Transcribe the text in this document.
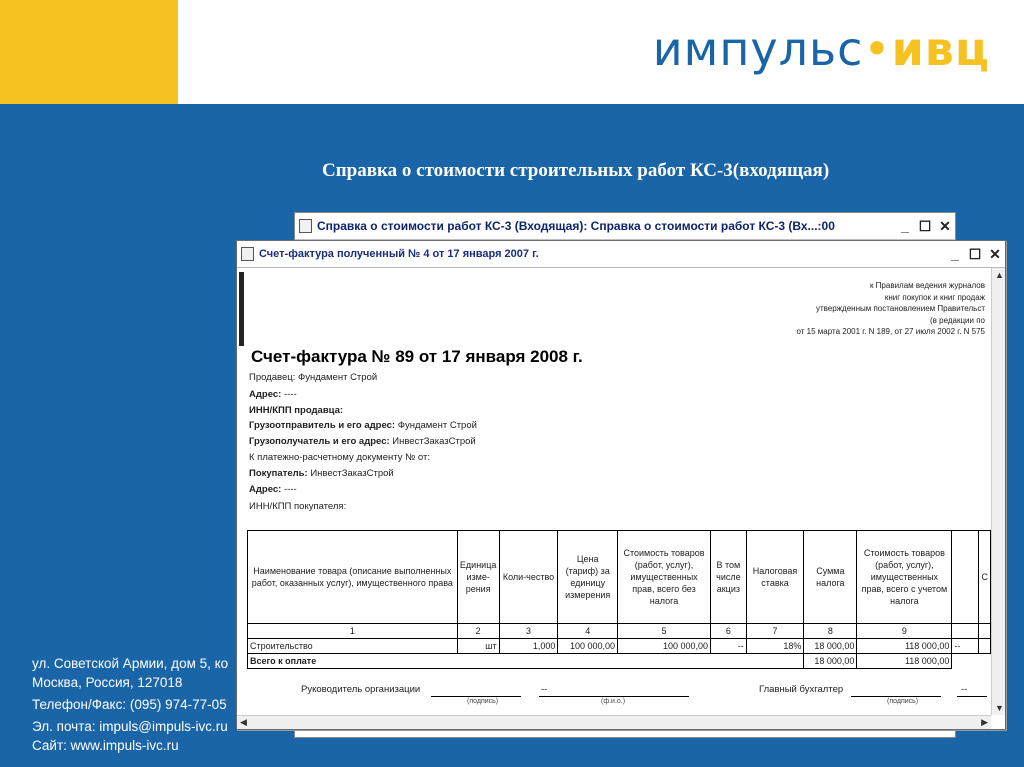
импульс•ивц
Справка о стоимости строительных работ КС-3(входящая)
ул. Советской Армии, дом 5, ко
Москва, Россия, 127018
Телефон/Факс: (095) 974-77-05
Эл. почта: impuls@impuls-ivc.ru
Сайт: www.impuls-ivc.ru
Справка о стоимости работ КС-3 (Входящая): Справка о стоимости работ КС-3 (Вх...:00	_ ☐ ✕
Счет-фактура полученный № 4 от 17 января 2007 г.	_ ☐ ✕
к Правилам ведения журналов
книг покупок и книг продаж
утвержденным постановлением Правительст
(в редакции по
от 15 марта 2001 г. N 189, от 27 июля 2002 г. N 575
Счет-фактура № 89 от 17 января 2008 г.
Продавец: Фундамент Строй
Адрес: ----
ИНН/КПП продавца:
Грузоотправитель и его адрес: Фундамент Строй
Грузополучатель и его адрес: ИнвестЗаказСтрой
К платежно-расчетному документу № от:
Покупатель: ИнвестЗаказСтрой
Адрес: ----
ИНН/КПП покупателя:
Наименование товара (описание выполненных работ, оказанных услуг), имущественного права	Единица изме-рения	Коли-чество	Цена (тариф) за единицу измерения	Стоимость товаров (работ, услуг), имущественных прав, всего без налога	В том числе акциз	Налоговая ставка	Сумма налога	Стоимость товаров (работ, услуг), имущественных прав, всего с учетом налога		С
1	2	3	4	5	6	7	8	9		
Строительство	шт	1,000	100 000,00	100 000,00	--	18%	18 000,00	118 000,00	--	
Всего к оплате							18 000,00	118 000,00		
Руководитель организации	--
(подпись)	(ф.и.о.)
Главный бухгалтер	--
(подпись)
▲
▼
◀	▶
